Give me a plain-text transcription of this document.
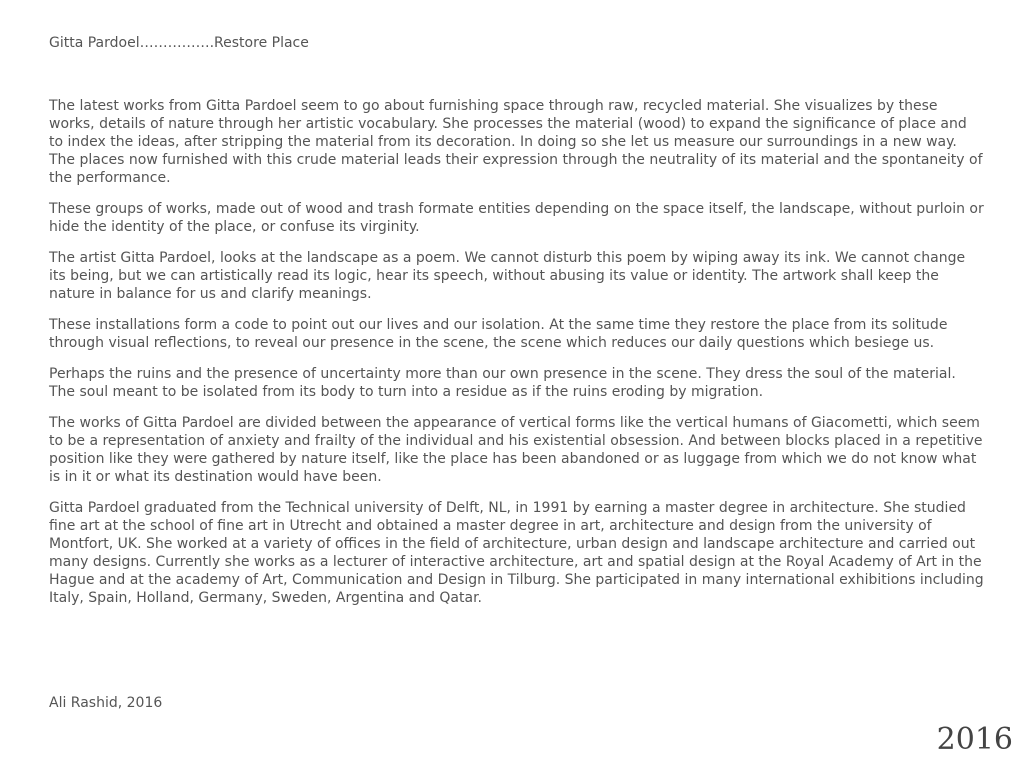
Gitta Pardoel…………….Restore Place

The latest works from Gitta Pardoel seem to go about furnishing space through raw, recycled material. She visualizes by these works, details of nature through her artistic vocabulary. She processes the material (wood) to expand the significance of place and to index the ideas, after stripping the material from its decoration. In doing so she let us measure our surroundings in a new way. The places now furnished with this crude material leads their expression through the neutrality of its material and the spontaneity of the performance.

These groups of works, made out of wood and trash formate entities depending on the space itself, the landscape, without purloin or hide the identity of the place, or confuse its virginity.

The artist Gitta Pardoel, looks at the landscape as a poem. We cannot disturb this poem by wiping away its ink. We cannot change its being, but we can artistically read its logic, hear its speech, without abusing its value or identity. The artwork shall keep the nature in balance for us and clarify meanings.

These installations form a code to point out our lives and our isolation. At the same time they restore the place from its solitude through visual reflections, to reveal our presence in the scene, the scene which reduces our daily questions which besiege us.

Perhaps the ruins and the presence of uncertainty more than our own presence in the scene. They dress the soul of the material. The soul meant to be isolated from its body to turn into a residue as if the ruins eroding by migration.

The works of Gitta Pardoel are divided between the appearance of vertical forms like the vertical humans of Giacometti, which seem to be a representation of anxiety and frailty of the individual and his existential obsession. And between blocks placed in a repetitive position like they were gathered by nature itself, like the place has been abandoned or as luggage from which we do not know what is in it or what its destination would have been.

Gitta Pardoel graduated from the Technical university of Delft, NL, in 1991 by earning a master degree in architecture. She studied fine art at the school of fine art in Utrecht and obtained a master degree in art, architecture and design from the university of Montfort, UK. She worked at a variety of offices in the field of architecture, urban design and landscape architecture and carried out many designs. Currently she works as a lecturer of interactive architecture, art and spatial design at the Royal Academy of Art in the Hague and at the academy of Art, Communication and Design in Tilburg. She participated in many international exhibitions including Italy, Spain, Holland, Germany, Sweden, Argentina and Qatar.

Ali Rashid, 2016
2016
